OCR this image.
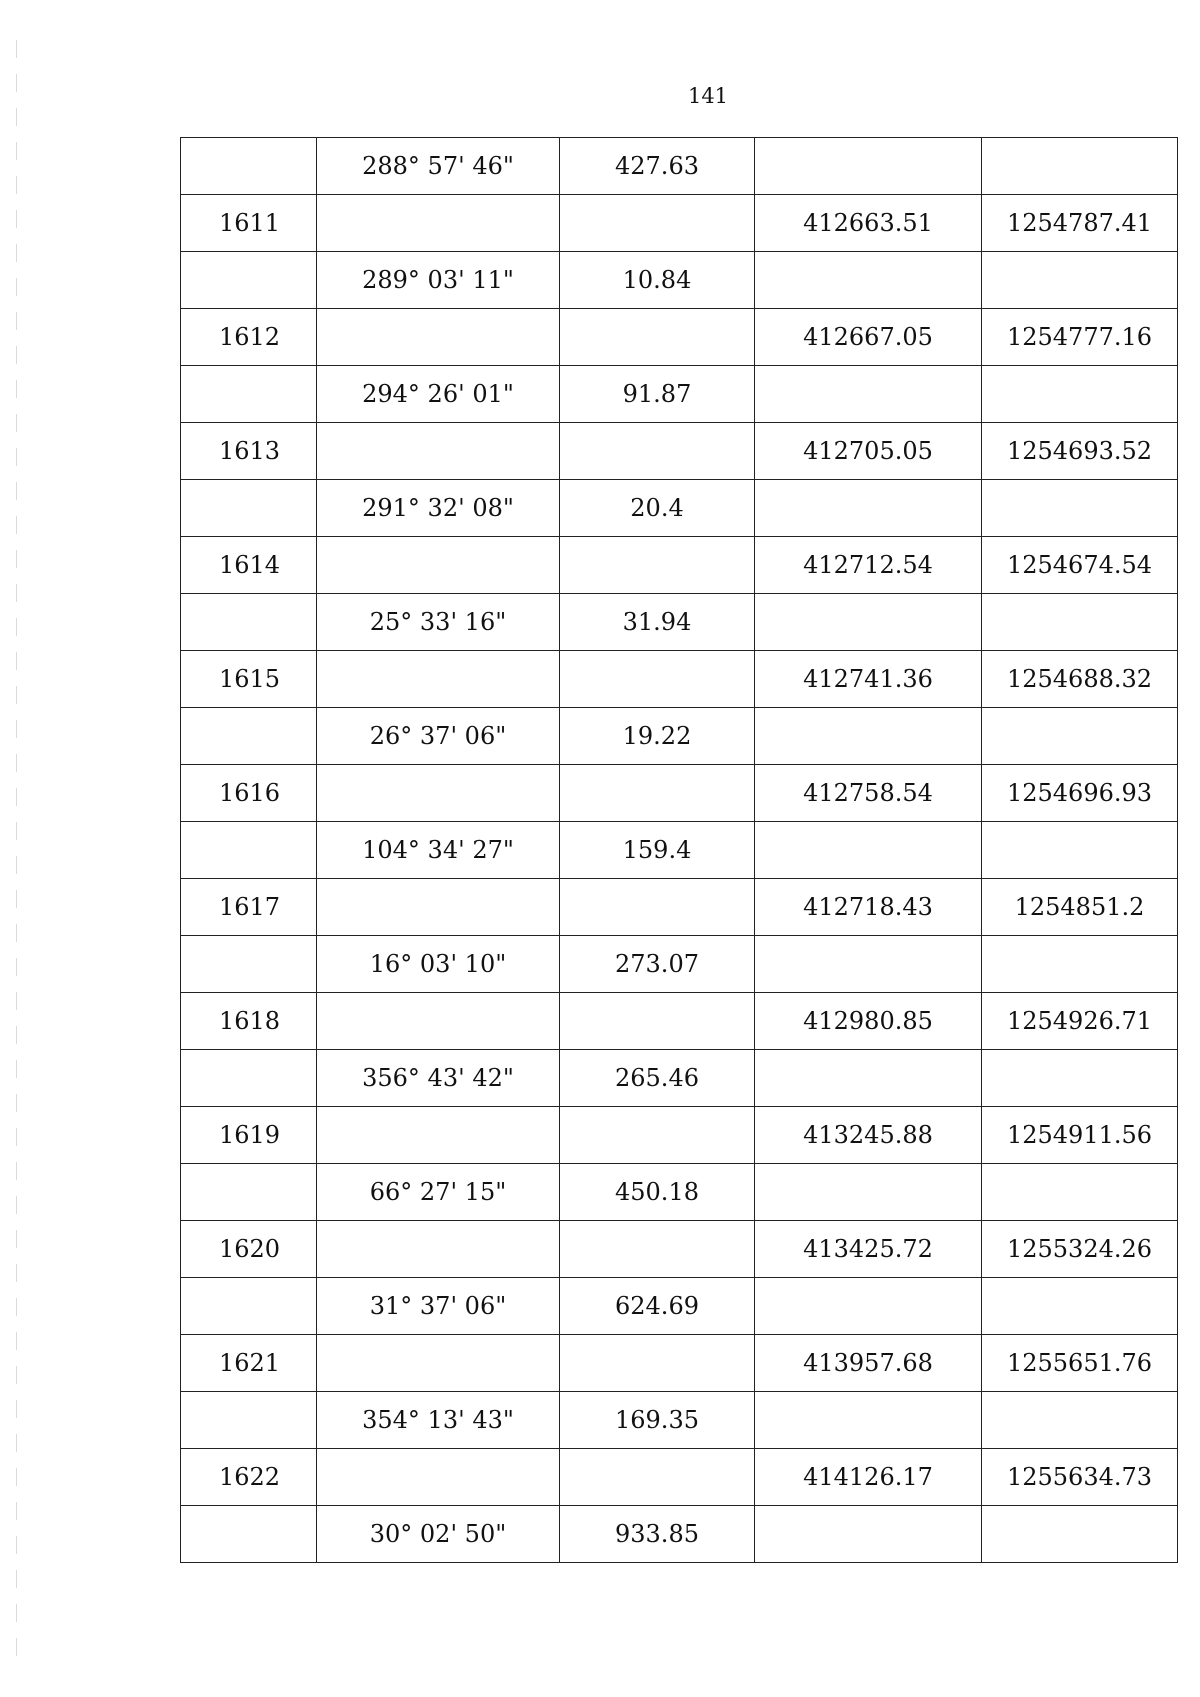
141
	288° 57' 46"	427.63		
1611			412663.51	1254787.41
	289° 03' 11"	10.84		
1612			412667.05	1254777.16
	294° 26' 01"	91.87		
1613			412705.05	1254693.52
	291° 32' 08"	20.4		
1614			412712.54	1254674.54
	25° 33' 16"	31.94		
1615			412741.36	1254688.32
	26° 37' 06"	19.22		
1616			412758.54	1254696.93
	104° 34' 27"	159.4		
1617			412718.43	1254851.2
	16° 03' 10"	273.07		
1618			412980.85	1254926.71
	356° 43' 42"	265.46		
1619			413245.88	1254911.56
	66° 27' 15"	450.18		
1620			413425.72	1255324.26
	31° 37' 06"	624.69		
1621			413957.68	1255651.76
	354° 13' 43"	169.35		
1622			414126.17	1255634.73
	30° 02' 50"	933.85		
